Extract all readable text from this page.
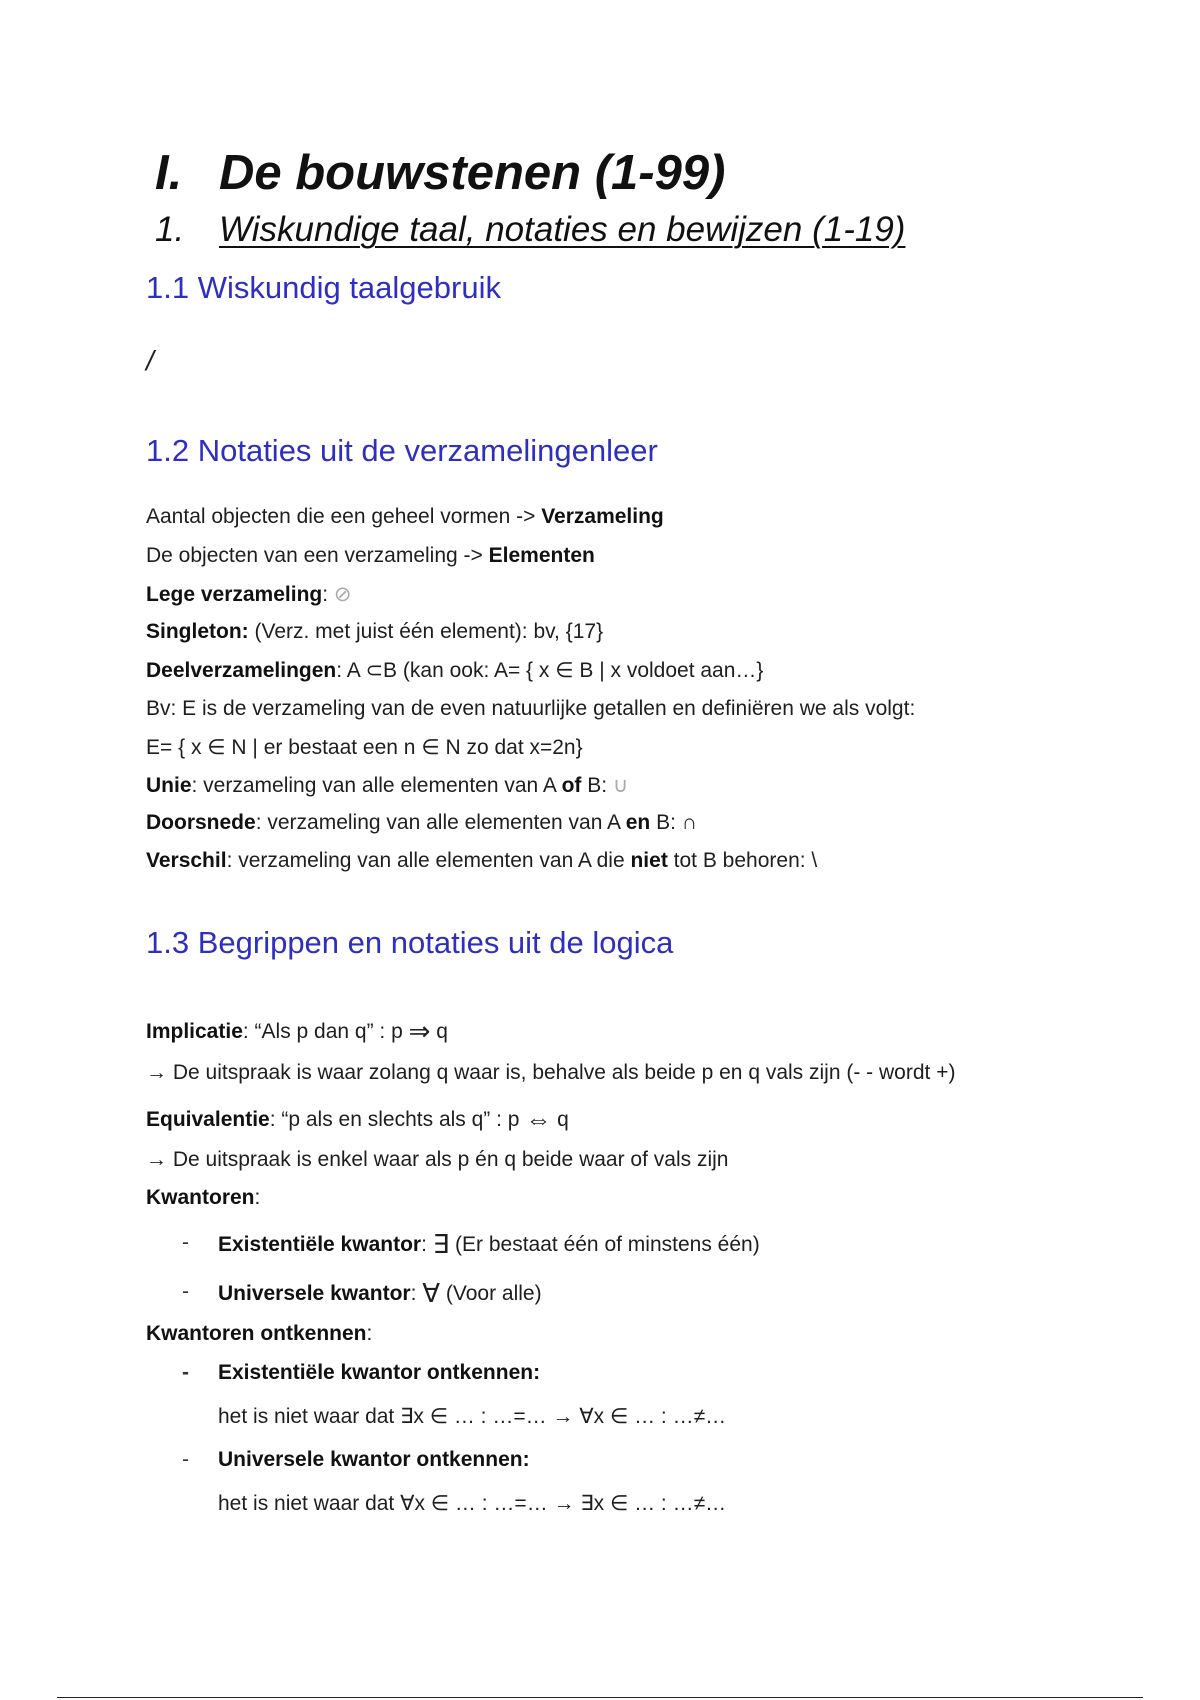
I. De bouwstenen (1-99)
1. Wiskundige taal, notaties en bewijzen (1-19)
1.1 Wiskundig taalgebruik
/
1.2 Notaties uit de verzamelingenleer
Aantal objecten die een geheel vormen -> Verzameling
De objecten van een verzameling -> Elementen
Lege verzameling: ⊘
Singleton: (Verz. met juist één element): bv, {17}
Deelverzamelingen: A ⊂B (kan ook: A= { x ∈ B | x voldoet aan…}
Bv: E is de verzameling van de even natuurlijke getallen en definiëren we als volgt:
E= { x ∈ N | er bestaat een n ∈ N zo dat x=2n}
Unie: verzameling van alle elementen van A of B: ∪
Doorsnede: verzameling van alle elementen van A en B: ∩
Verschil: verzameling van alle elementen van A die niet tot B behoren: \
1.3 Begrippen en notaties uit de logica
Implicatie: “Als p dan q” : p ⇒ q
→ De uitspraak is waar zolang q waar is, behalve als beide p en q vals zijn (- - wordt +)
Equivalentie: “p als en slechts als q” : p ⇔ q
→ De uitspraak is enkel waar als p én q beide waar of vals zijn
Kwantoren:
- Existentiële kwantor: ∃ (Er bestaat één of minstens één)
- Universele kwantor: ∀ (Voor alle)
Kwantoren ontkennen:
- Existentiële kwantor ontkennen:
het is niet waar dat ∃x ∈ … : …=… → ∀x ∈ … : …≠…
- Universele kwantor ontkennen:
het is niet waar dat ∀x ∈ … : …=… → ∃x ∈ … : …≠…
